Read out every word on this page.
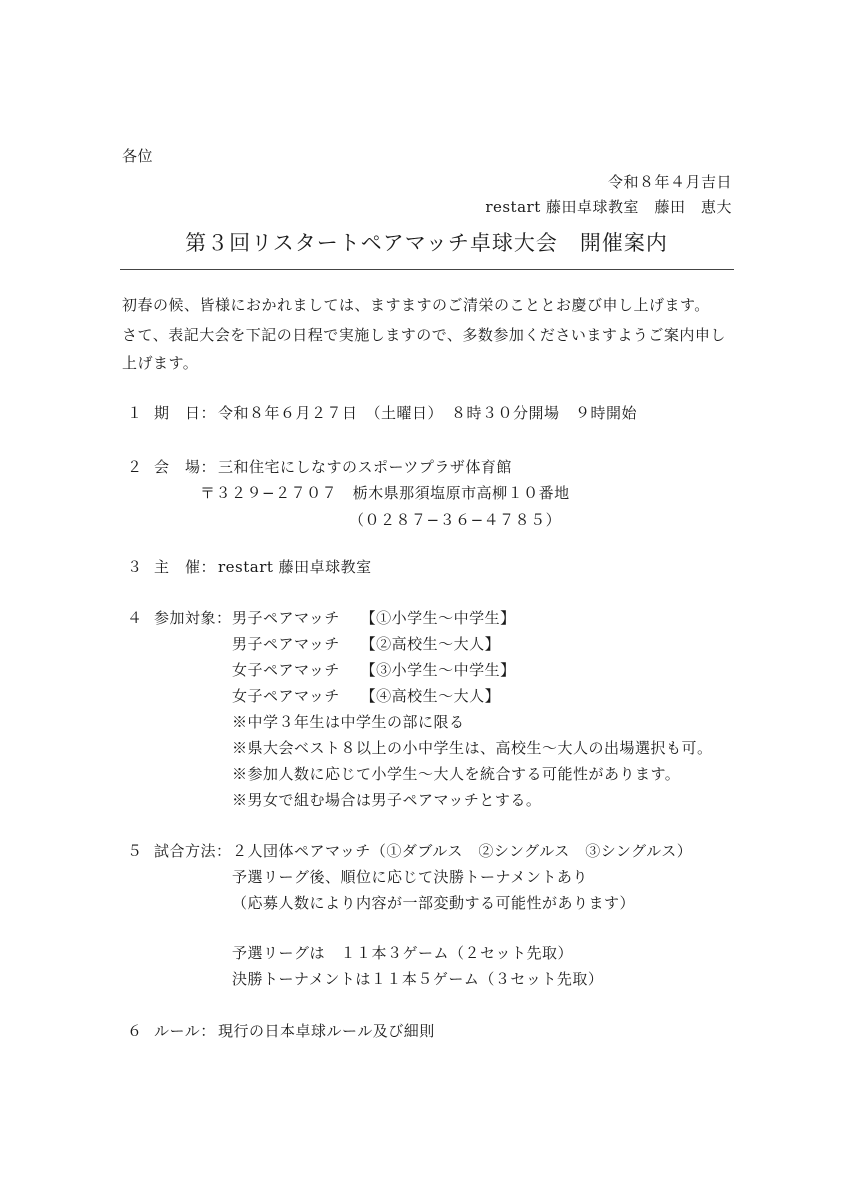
各位
令和８年４月吉日
restart 藤田卓球教室　藤田　恵大
第３回リスタートペアマッチ卓球大会　開催案内
初春の候、皆様におかれましては、ますますのご清栄のこととお慶び申し上げます。
さて、表記大会を下記の日程で実施しますので、多数参加くださいますようご案内申し
上げます。
１ 期　日： 令和８年６月２７日　（土曜日）　８時３０分開場　９時開始
２ 会　場： 三和住宅にしなすのスポーツプラザ体育館
〒３２９−２７０７　栃木県那須塩原市高柳１０番地
（０２８７−３６−４７８５）
３ 主　催： restart 藤田卓球教室
４ 参加対象： 男子ペアマッチ　 【①小学生〜中学生】
男子ペアマッチ　 【②高校生〜大人】
女子ペアマッチ　 【③小学生〜中学生】
女子ペアマッチ　 【④高校生〜大人】
※中学３年生は中学生の部に限る
※県大会ベスト８以上の小中学生は、高校生〜大人の出場選択も可。
※参加人数に応じて小学生〜大人を統合する可能性があります。
※男女で組む場合は男子ペアマッチとする。
５ 試合方法： ２人団体ペアマッチ（①ダブルス　②シングルス　③シングルス）
予選リーグ後、順位に応じて決勝トーナメントあり
（応募人数により内容が一部変動する可能性があります）
予選リーグは　１１本３ゲーム（２セット先取）
決勝トーナメントは１１本５ゲーム（３セット先取）
６ ルール： 現行の日本卓球ルール及び細則
